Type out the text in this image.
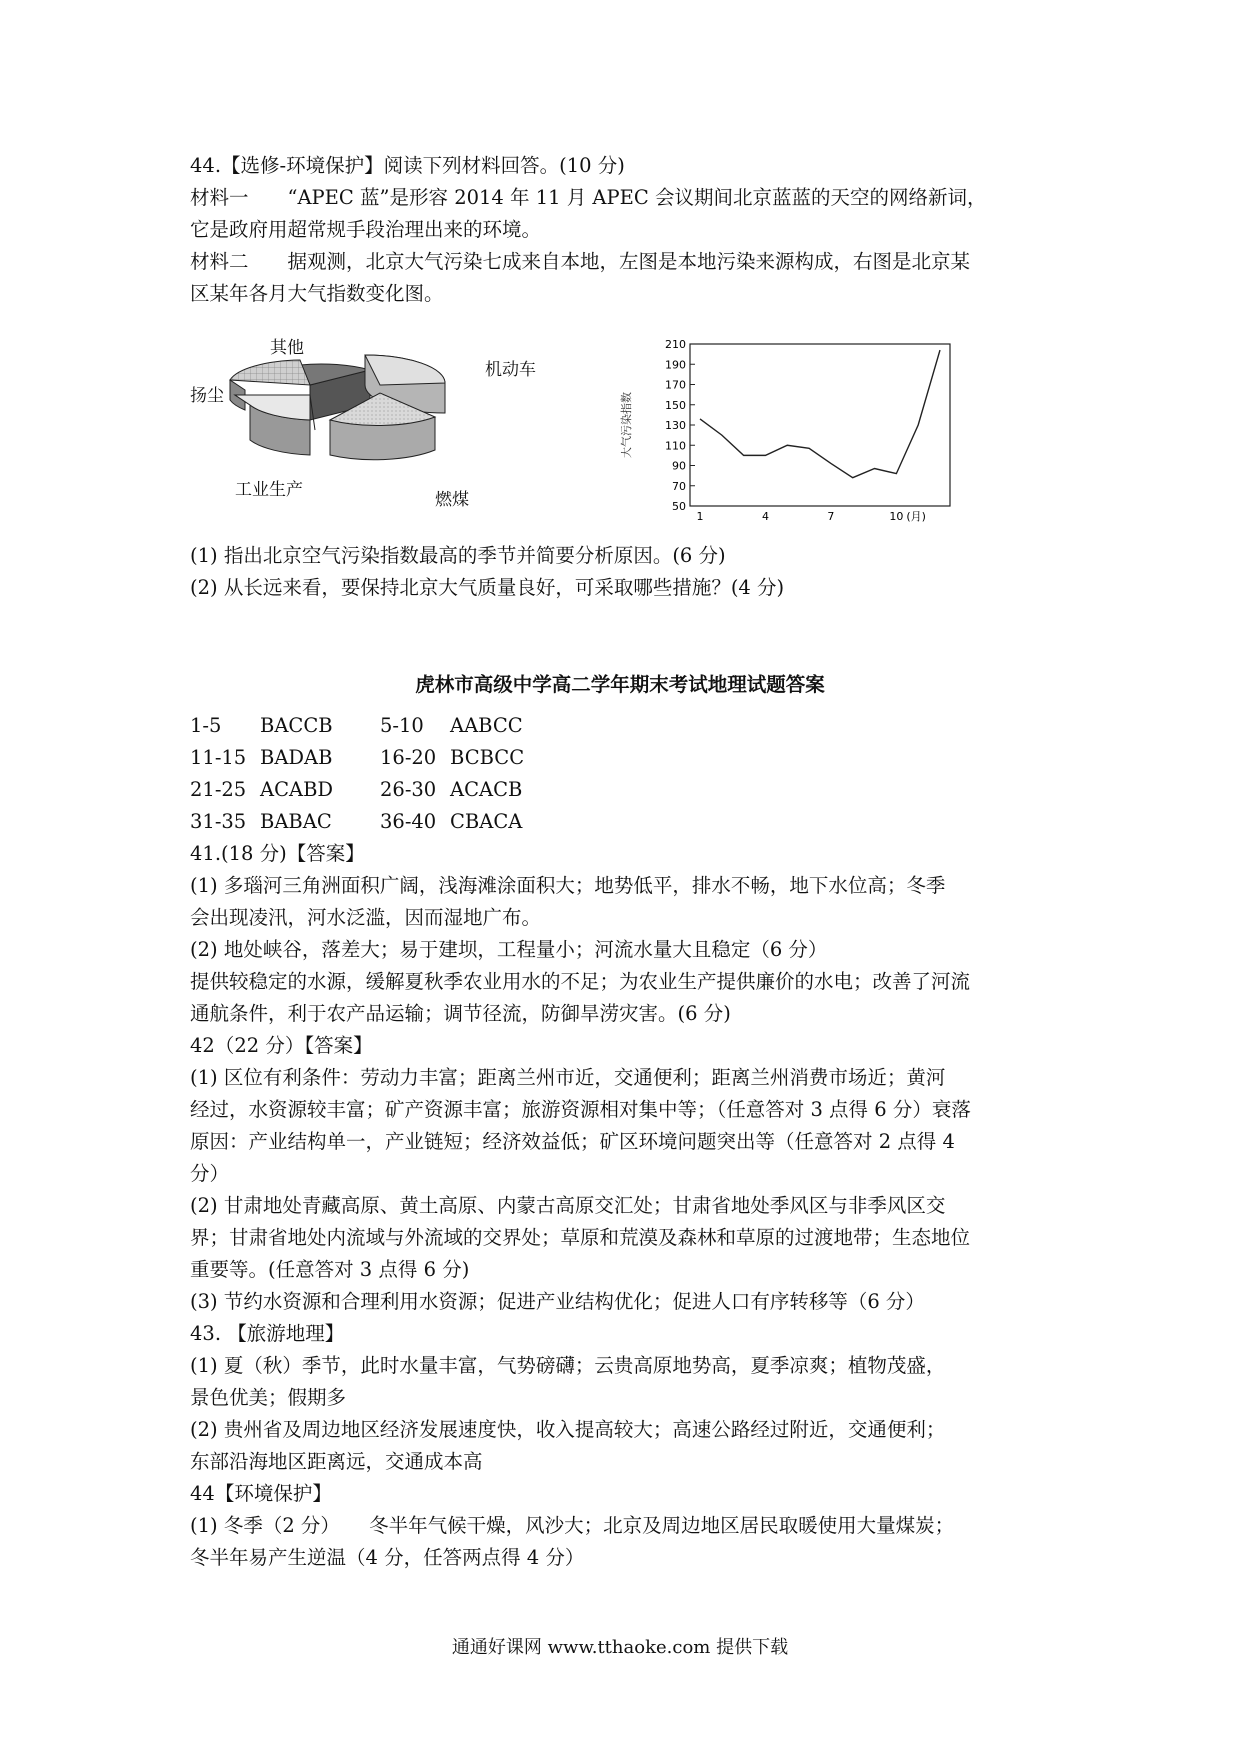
44.【选修-环境保护】阅读下列材料回答。(10 分)
材料一　　“APEC 蓝”是形容 2014 年 11 月 APEC 会议期间北京蓝蓝的天空的网络新词，
它是政府用超常规手段治理出来的环境。
材料二　　据观测，北京大气污染七成来自本地，左图是本地污染来源构成，右图是北京某
区某年各月大气指数变化图。
其他
机动车
扬尘
工业生产	燃煤
大气污染指数
50
70
90
110
130
150
170
190
210
1	4	7	10 (月)
(1) 指出北京空气污染指数最高的季节并简要分析原因。(6 分)
(2) 从长远来看，要保持北京大气质量良好，可采取哪些措施？(4 分)
虎林市高级中学高二学年期末考试地理试题答案
1-5 BACCB 5-10 AABCC
11-15 BADAB 16-20 BCBCC
21-25 ACABD 26-30 ACACB
31-35 BABAC 36-40 CBACA
41.(18 分)【答案】
(1) 多瑙河三角洲面积广阔，浅海滩涂面积大；地势低平，排水不畅，地下水位高；冬季
会出现凌汛，河水泛滥，因而湿地广布。
(2) 地处峡谷，落差大；易于建坝，工程量小；河流水量大且稳定（6 分）
提供较稳定的水源，缓解夏秋季农业用水的不足；为农业生产提供廉价的水电；改善了河流
通航条件，利于农产品运输；调节径流，防御旱涝灾害。(6 分)
42（22 分）【答案】
(1) 区位有利条件：劳动力丰富；距离兰州市近，交通便利；距离兰州消费市场近；黄河
经过，水资源较丰富；矿产资源丰富；旅游资源相对集中等；（任意答对 3 点得 6 分）衰落
原因：产业结构单一，产业链短；经济效益低；矿区环境问题突出等（任意答对 2 点得 4
分）
(2) 甘肃地处青藏高原、黄土高原、内蒙古高原交汇处；甘肃省地处季风区与非季风区交
界；甘肃省地处内流域与外流域的交界处；草原和荒漠及森林和草原的过渡地带；生态地位
重要等。(任意答对 3 点得 6 分)
(3) 节约水资源和合理利用水资源；促进产业结构优化；促进人口有序转移等（6 分）
43. 【旅游地理】
(1) 夏（秋）季节，此时水量丰富，气势磅礴；云贵高原地势高，夏季凉爽；植物茂盛，
景色优美；假期多
(2) 贵州省及周边地区经济发展速度快，收入提高较大；高速公路经过附近，交通便利；
东部沿海地区距离远，交通成本高
44【环境保护】
(1) 冬季（2 分）　　冬半年气候干燥，风沙大；北京及周边地区居民取暖使用大量煤炭；
冬半年易产生逆温（4 分，任答两点得 4 分）
通通好课网 www.tthaoke.com 提供下载
